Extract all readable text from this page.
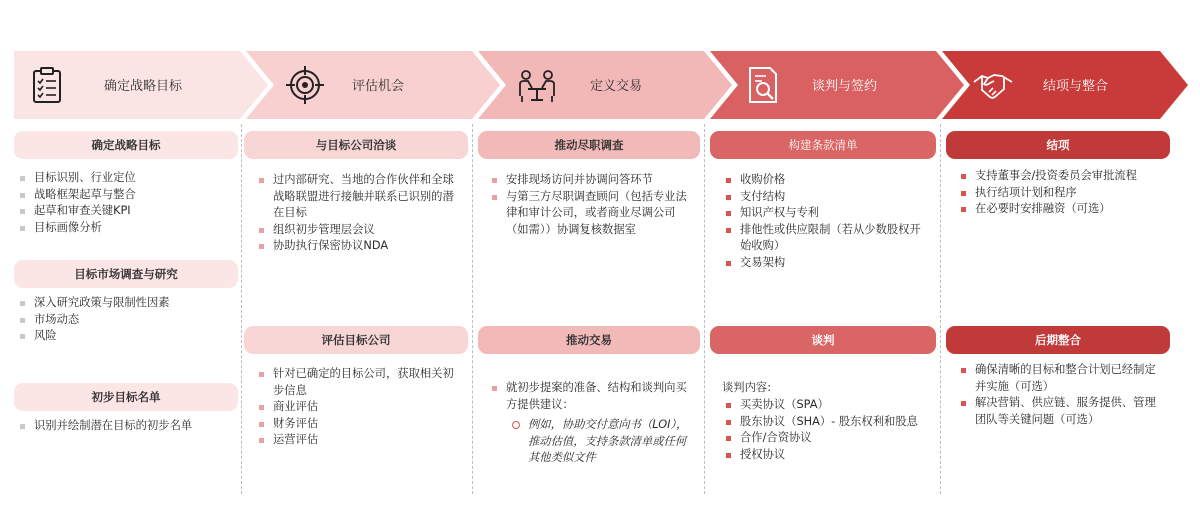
确定战略目标	评估机会	定义交易	谈判与签约	结项与整合
确定战略目标
目标识别、行业定位
战略框架起草与整合
起草和审查关键KPI
目标画像分析
目标市场调查与研究
深入研究政策与限制性因素
市场动态
风险
初步目标名单
识别并绘制潜在目标的初步名单
与目标公司洽谈
过内部研究、当地的合作伙伴和全球战略联盟进行接触并联系已识别的潜在目标
组织初步管理层会议
协助执行保密协议NDA
评估目标公司
针对已确定的目标公司，获取相关初步信息
商业评估
财务评估
运营评估
推动尽职调查
安排现场访问并协调问答环节
与第三方尽职调查顾问（包括专业法律和审计公司，或者商业尽调公司（如需））协调复核数据室
推动交易
就初步提案的准备、结构和谈判向买方提供建议：
例如，协助交付意向书（LOI），推动估值，支持条款清单或任何其他类似文件
构建条款清单
收购价格
支付结构
知识产权与专利
排他性或供应限制（若从少数股权开始收购）
交易架构
谈判
谈判内容:
买卖协议（SPA）
股东协议（SHA）- 股东权利和股息
合作/合资协议
授权协议
结项
支持董事会/投资委员会审批流程
执行结项计划和程序
在必要时安排融资（可选）
后期整合
确保清晰的目标和整合计划已经制定并实施（可选）
解决营销、供应链、服务提供、管理团队等关键问题（可选）
